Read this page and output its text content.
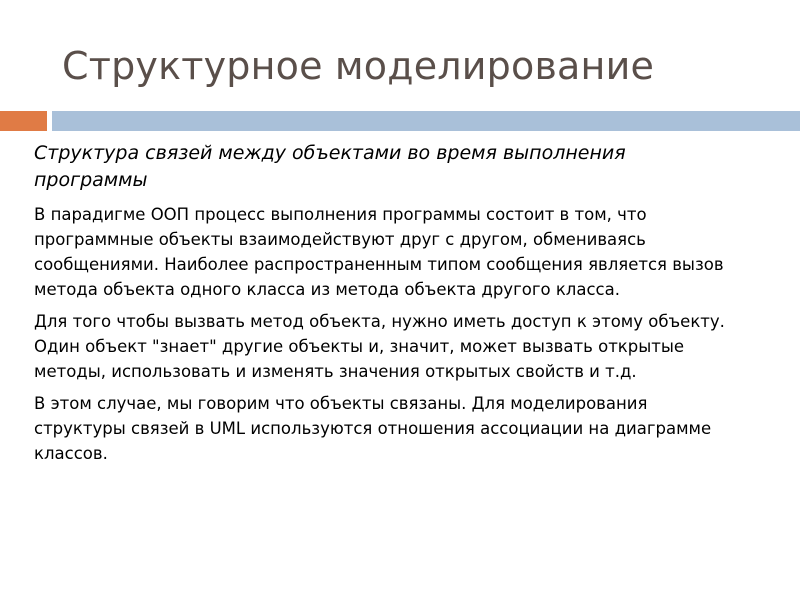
Структурное моделирование
Структура связей между объектами во время выполнения программы
В парадигме ООП процесс выполнения программы состоит в том, что программные объекты взаимодействуют друг с другом, обмениваясь сообщениями. Наиболее распространенным типом сообщения является вызов метода объекта одного класса из метода объекта другого класса.
Для того чтобы вызвать метод объекта, нужно иметь доступ к этому объекту. Один объект "знает" другие объекты и, значит, может вызвать открытые методы, использовать и изменять значения открытых свойств и т.д.
В этом случае, мы говорим что объекты связаны. Для моделирования структуры связей в UML используются отношения ассоциации на диаграмме классов.
